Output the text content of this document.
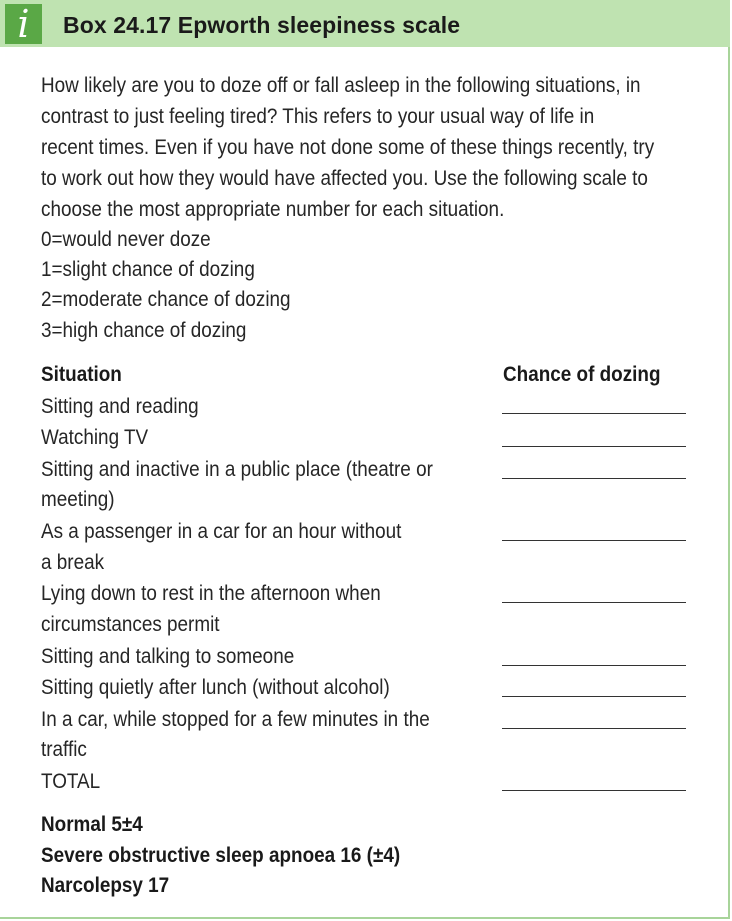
i	Box 24.17 Epworth sleepiness scale
How likely are you to doze off or fall asleep in the following situations, in
contrast to just feeling tired? This refers to your usual way of life in
recent times. Even if you have not done some of these things recently, try
to work out how they would have affected you. Use the following scale to
choose the most appropriate number for each situation.
0=would never doze
1=slight chance of dozing
2=moderate chance of dozing
3=high chance of dozing
Situation	Chance of dozing
Sitting and reading
Watching TV
Sitting and inactive in a public place (theatre or
meeting)
As a passenger in a car for an hour without
a break
Lying down to rest in the afternoon when
circumstances permit
Sitting and talking to someone
Sitting quietly after lunch (without alcohol)
In a car, while stopped for a few minutes in the
traffic
TOTAL
Normal 5±4
Severe obstructive sleep apnoea 16 (±4)
Narcolepsy 17
